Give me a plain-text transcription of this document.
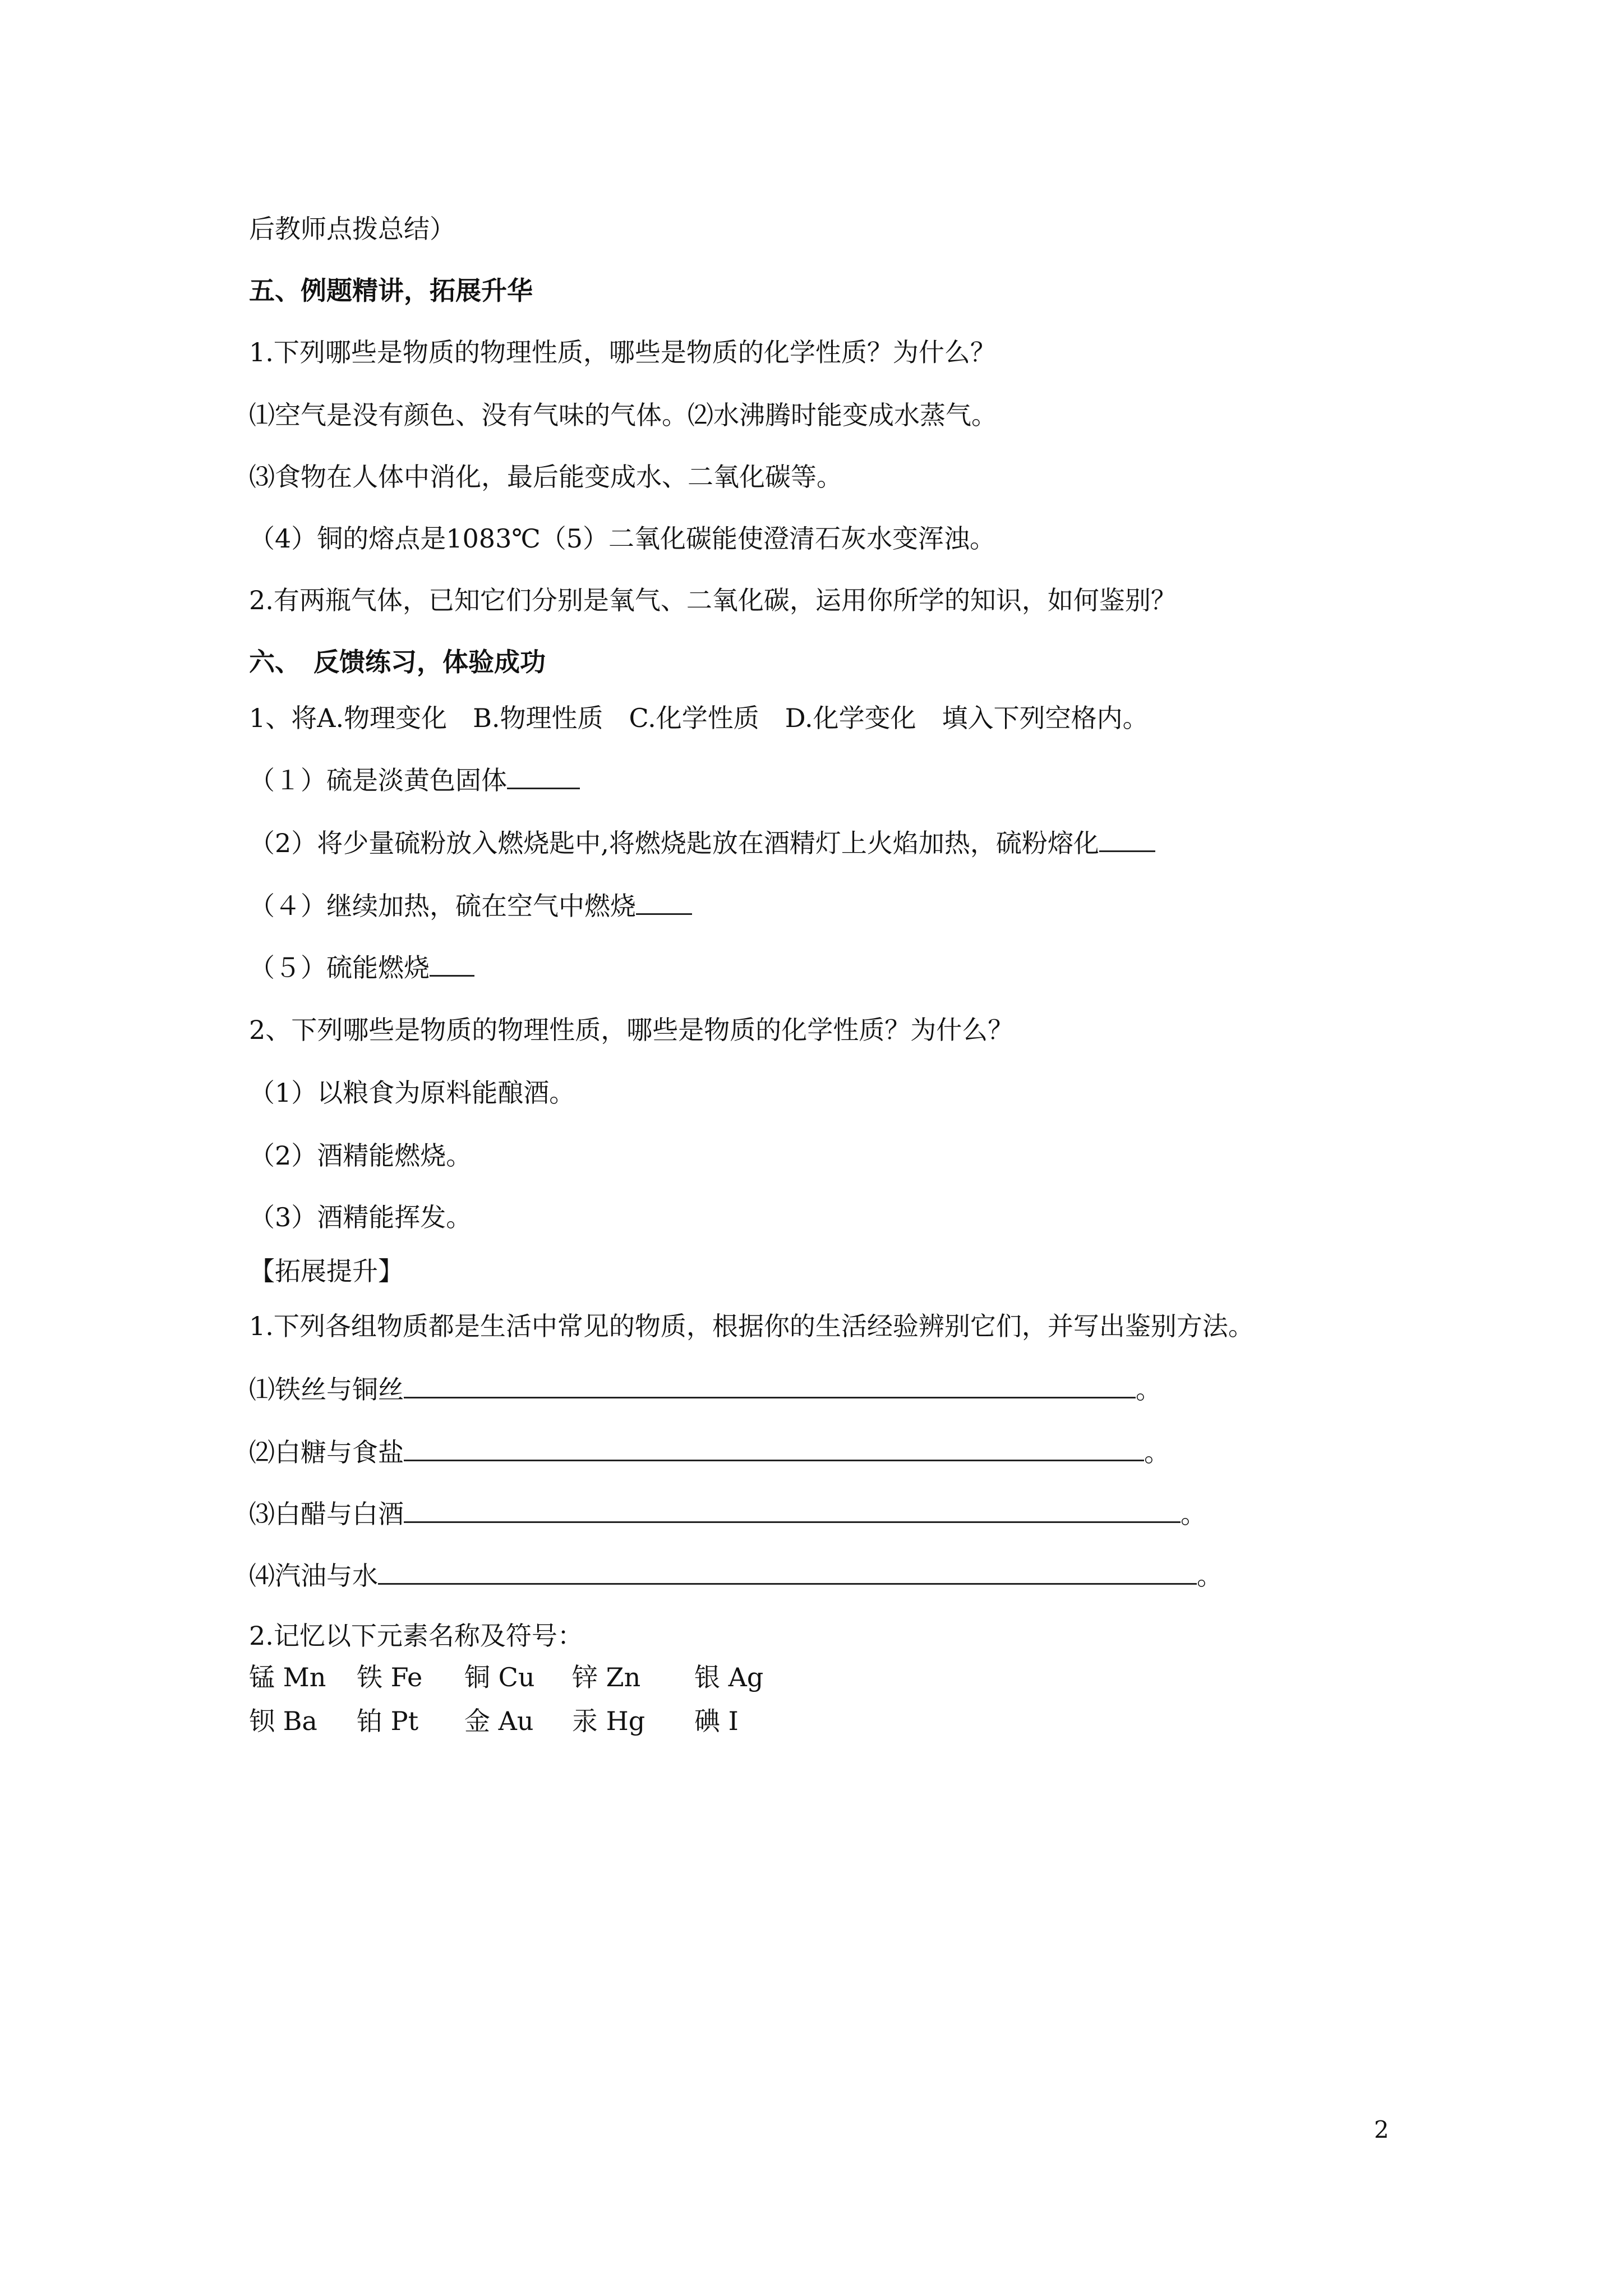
后教师点拨总结）
五、例题精讲，拓展升华
1.下列哪些是物质的物理性质，哪些是物质的化学性质？为什么？
⑴空气是没有颜色、没有气味的气体。⑵水沸腾时能变成水蒸气。
⑶食物在人体中消化，最后能变成水、二氧化碳等。
（4）铜的熔点是1083℃（5）二氧化碳能使澄清石灰水变浑浊。
2.有两瓶气体，已知它们分别是氧气、二氧化碳，运用你所学的知识，如何鉴别？
六、　反馈练习，体验成功
1、将A.物理变化　B.物理性质　C.化学性质　D.化学变化　填入下列空格内。
（１）硫是淡黄色固体
（2）将少量硫粉放入燃烧匙中,将燃烧匙放在酒精灯上火焰加热，硫粉熔化
（４）继续加热，硫在空气中燃烧
（５）硫能燃烧
2、下列哪些是物质的物理性质，哪些是物质的化学性质？为什么？
（1）以粮食为原料能酿酒。
（2）酒精能燃烧。
（3）酒精能挥发。
【拓展提升】
1.下列各组物质都是生活中常见的物质，根据你的生活经验辨别它们，并写出鉴别方法。
⑴铁丝与铜丝	。
⑵白糖与食盐	。
⑶白醋与白酒	。
⑷汽油与水	。
2.记忆以下元素名称及符号：
锰 Mn	铁 Fe	铜 Cu	锌 Zn	银 Ag
钡 Ba	铂 Pt	金 Au	汞 Hg	碘 I
2
